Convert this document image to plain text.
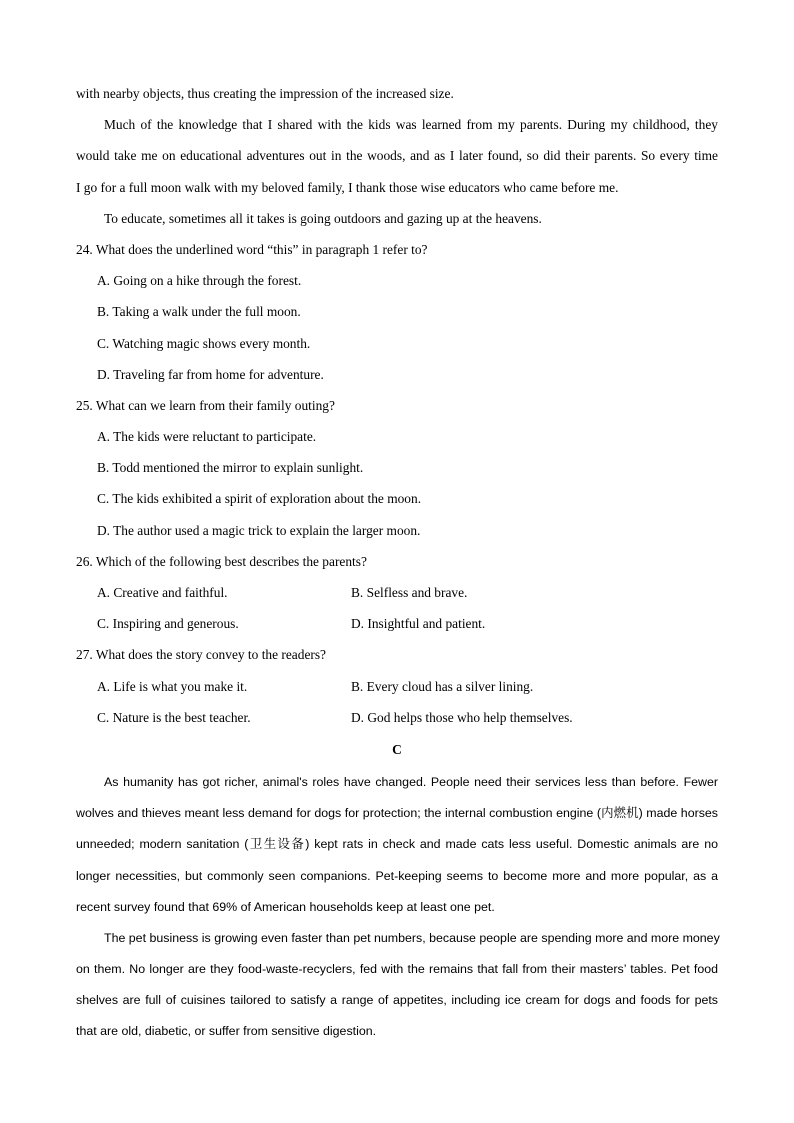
with nearby objects, thus creating the impression of the increased size.
Much of the knowledge that I shared with the kids was learned from my parents. During my childhood, they
would take me on educational adventures out in the woods, and as I later found, so did their parents. So every time
I go for a full moon walk with my beloved family, I thank those wise educators who came before me.
To educate, sometimes all it takes is going outdoors and gazing up at the heavens.
24. What does the underlined word “this” in paragraph 1 refer to?
A. Going on a hike through the forest.
B. Taking a walk under the full moon.
C. Watching magic shows every month.
D. Traveling far from home for adventure.
25. What can we learn from their family outing?
A. The kids were reluctant to participate.
B. Todd mentioned the mirror to explain sunlight.
C. The kids exhibited a spirit of exploration about the moon.
D. The author used a magic trick to explain the larger moon.
26. Which of the following best describes the parents?
A. Creative and faithful.	B. Selfless and brave.
C. Inspiring and generous.	D. Insightful and patient.
27. What does the story convey to the readers?
A. Life is what you make it.	B. Every cloud has a silver lining.
C. Nature is the best teacher.	D. God helps those who help themselves.
C
As humanity has got richer, animal's roles have changed. People need their services less than before. Fewer
wolves and thieves meant less demand for dogs for protection; the internal combustion engine (内燃机) made horses
unneeded; modern sanitation (卫生设备) kept rats in check and made cats less useful. Domestic animals are no
longer necessities, but commonly seen companions. Pet-keeping seems to become more and more popular, as a
recent survey found that 69% of American households keep at least one pet.
The pet business is growing even faster than pet numbers, because people are spending more and more money
on them. No longer are they food-waste-recyclers, fed with the remains that fall from their masters’ tables. Pet food
shelves are full of cuisines tailored to satisfy a range of appetites, including ice cream for dogs and foods for pets
that are old, diabetic, or suffer from sensitive digestion.
